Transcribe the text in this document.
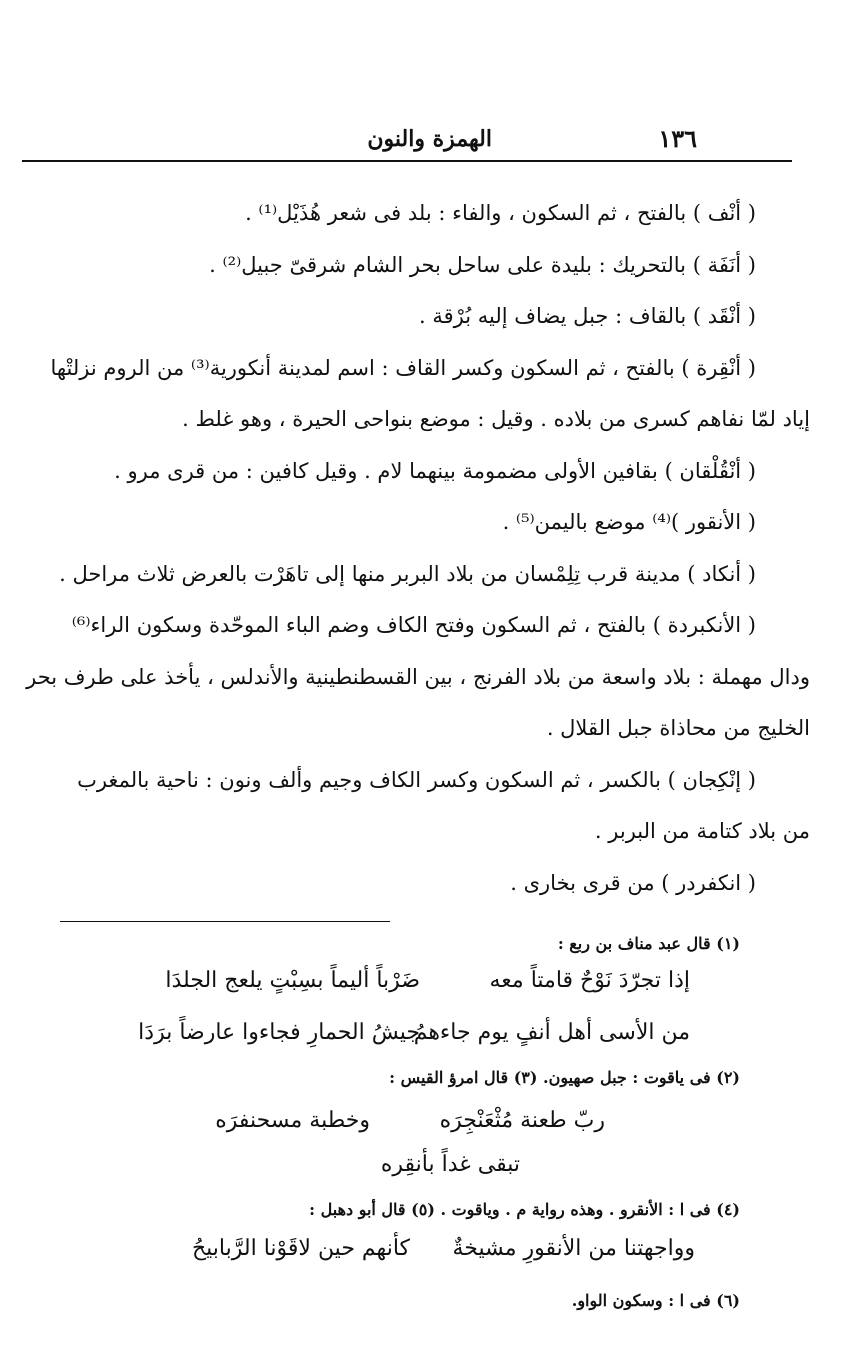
١٣٦
الهمزة والنون
( أنْف ) بالفتح ، ثم السكون ، والفاء : بلد فى شعر هُذَيْل⁽¹⁾ .
( أنَفَة ) بالتحريك : بليدة على ساحل بحر الشام شرقىّ جبيل⁽²⁾ .
( أنْقَد ) بالقاف : جبل يضاف إليه بُرْقة .
( أنْقِرة ) بالفتح ، ثم السكون وكسر القاف : اسم لمدينة أنكورية⁽³⁾ من الروم نزلتْها
إياد لمّا نفاهم كسرى من بلاده . وقيل : موضع بنواحى الحيرة ، وهو غلط .
( أنْقُلْقان ) بقافين الأولى مضمومة بينهما لام . وقيل كافين : من قرى مرو .
( الأنقور )⁽⁴⁾ موضع باليمن⁽⁵⁾ .
( أنكاد ) مدينة قرب تِلِمْسان من بلاد البربر منها إلى تاهَرْت بالعرض ثلاث مراحل .
( الأنكبردة ) بالفتح ، ثم السكون وفتح الكاف وضم الباء الموحّدة وسكون الراء⁽⁶⁾
ودال مهملة : بلاد واسعة من بلاد الفرنج ، بين القسطنطينية والأندلس ، يأخذ على طرف بحر
الخليج من محاذاة جبل القلال .
( إنْكِجان ) بالكسر ، ثم السكون وكسر الكاف وجيم وألف ونون : ناحية بالمغرب
من بلاد كتامة من البربر .
( انكفردر ) من قرى بخارى .
(١) قال عبد مناف بن ربع :
إذا تجرّدَ نَوْحٌ قامتاً معه
ضَرْباً أليماً بسِبْتٍ يلعج الجلدَا
من الأسى أهل أنفٍ يوم جاءهمُ
جيشُ الحمارِ فجاءوا عارضاً برَدَا
(٢) فى ياقوت : جبل صهيون. (٣) قال امرؤ القيس :
ربّ طعنة مُثْعَنْجِرَه
وخطبة مسحنفرَه
تبقى غداً بأنقِره
(٤) فى ا : الأنقرو . وهذه رواية م . وياقوت . (٥) قال أبو دهبل :
وواجهتنا من الأنقورِ مشيخةٌ
كأنهم حين لاقَوْنا الرَّبابيحُ
(٦) فى ا : وسكون الواو.
